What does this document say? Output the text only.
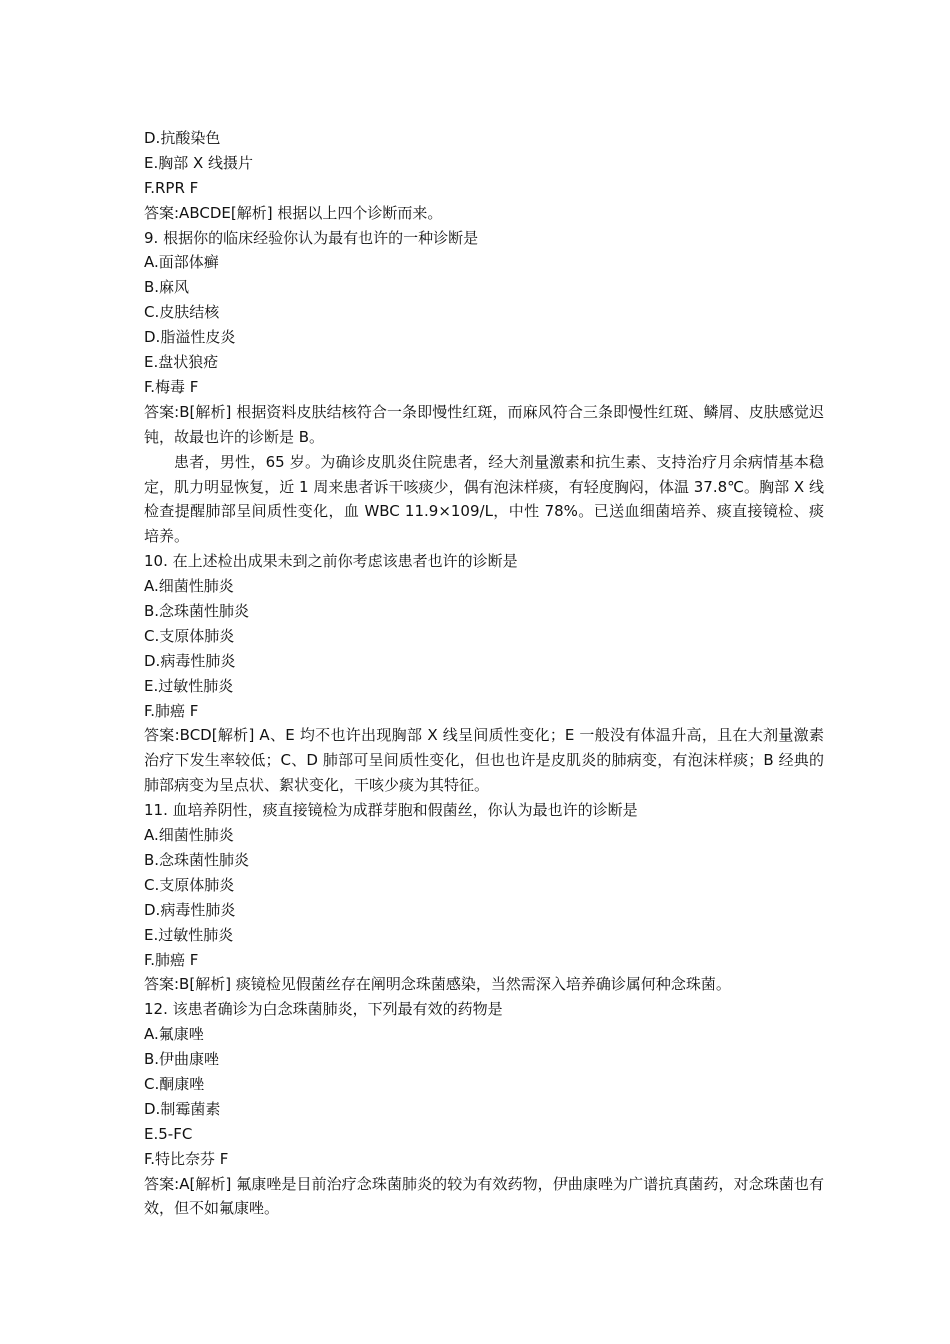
D.抗酸染色

E.胸部 X 线摄片

F.RPR F

答案:ABCDE[解析] 根据以上四个诊断而来。

9. 根据你的临床经验你认为最有也许的一种诊断是

A.面部体癣

B.麻风

C.皮肤结核

D.脂溢性皮炎

E.盘状狼疮

F.梅毒 F

答案:B[解析] 根据资料皮肤结核符合一条即慢性红斑，而麻风符合三条即慢性红斑、鳞屑、皮肤感觉迟钝，故最也许的诊断是 B。

患者，男性，65 岁。为确诊皮肌炎住院患者，经大剂量激素和抗生素、支持治疗月余病情基本稳定，肌力明显恢复，近 1 周来患者诉干咳痰少，偶有泡沫样痰，有轻度胸闷，体温 37.8℃。胸部 X 线检查提醒肺部呈间质性变化，血 WBC 11.9×109/L，中性 78%。已送血细菌培养、痰直接镜检、痰培养。

10. 在上述检出成果未到之前你考虑该患者也许的诊断是

A.细菌性肺炎

B.念珠菌性肺炎

C.支原体肺炎

D.病毒性肺炎

E.过敏性肺炎

F.肺癌 F

答案:BCD[解析] A、E 均不也许出现胸部 X 线呈间质性变化；E 一般没有体温升高，且在大剂量激素治疗下发生率较低；C、D 肺部可呈间质性变化，但也也许是皮肌炎的肺病变，有泡沫样痰；B 经典的肺部病变为呈点状、絮状变化，干咳少痰为其特征。

11. 血培养阴性，痰直接镜检为成群芽胞和假菌丝，你认为最也许的诊断是

A.细菌性肺炎

B.念珠菌性肺炎

C.支原体肺炎

D.病毒性肺炎

E.过敏性肺炎

F.肺癌 F

答案:B[解析] 痰镜检见假菌丝存在阐明念珠菌感染，当然需深入培养确诊属何种念珠菌。

12. 该患者确诊为白念珠菌肺炎，下列最有效的药物是

A.氟康唑

B.伊曲康唑

C.酮康唑

D.制霉菌素

E.5-FC

F.特比奈芬 F

答案:A[解析] 氟康唑是目前治疗念珠菌肺炎的较为有效药物，伊曲康唑为广谱抗真菌药，对念珠菌也有效，但不如氟康唑。
